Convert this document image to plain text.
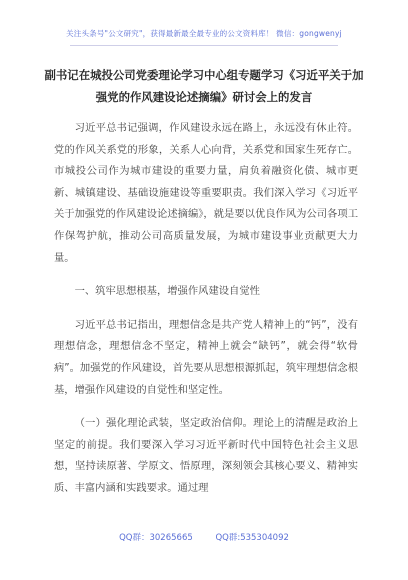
关注头条号"公文研究"，获得最新最全最专业的公文资料库！ 微信：gongwenyj
副书记在城投公司党委理论学习中心组专题学习《习近平关于加强党的作风建设论述摘编》研讨会上的发言

习近平总书记强调，作风建设永远在路上，永远没有休止符。党的作风关系党的形象，关系人心向背，关系党和国家生死存亡。市城投公司作为城市建设的重要力量，肩负着融资化债、城市更新、城镇建设、基础设施建设等重要职责。我们深入学习《习近平关于加强党的作风建设论述摘编》，就是要以优良作风为公司各项工作保驾护航，推动公司高质量发展，为城市建设事业贡献更大力量。

一、筑牢思想根基，增强作风建设自觉性

习近平总书记指出，理想信念是共产党人精神上的“钙”，没有理想信念，理想信念不坚定，精神上就会“缺钙”，就会得“软骨病”。加强党的作风建设，首先要从思想根源抓起，筑牢理想信念根基，增强作风建设的自觉性和坚定性。

（一）强化理论武装，坚定政治信仰。理论上的清醒是政治上坚定的前提。我们要深入学习习近平新时代中国特色社会主义思想，坚持读原著、学原文、悟原理，深刻领会其核心要义、精神实质、丰富内涵和实践要求。通过理

QQ群：30265665	QQ群:535304092
